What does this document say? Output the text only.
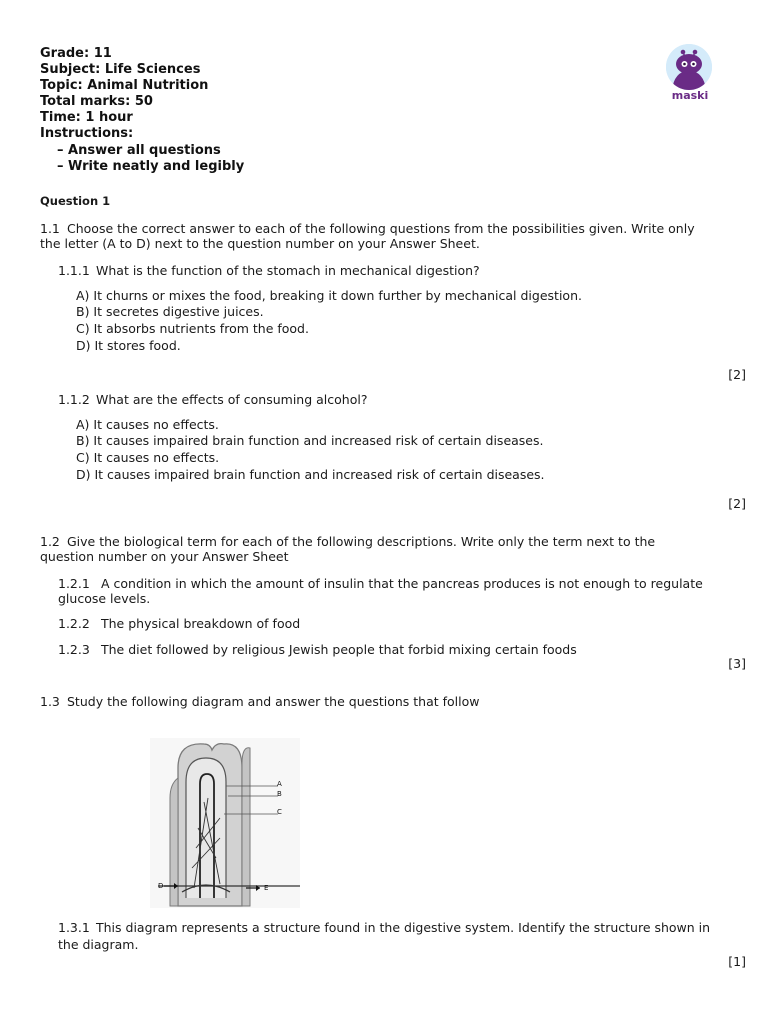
maski
Grade: 11
Subject: Life Sciences
Topic: Animal Nutrition
Total marks: 50
Time: 1 hour
Instructions:
– Answer all questions
– Write neatly and legibly
Question 1
1.1 Choose the correct answer to each of the following questions from the possibilities given. Write only
the letter (A to D) next to the question number on your Answer Sheet.
1.1.1 What is the function of the stomach in mechanical digestion?
A) It churns or mixes the food, breaking it down further by mechanical digestion.
B) It secretes digestive juices.
C) It absorbs nutrients from the food.
D) It stores food.
[2]
1.1.2 What are the effects of consuming alcohol?
A) It causes no effects.
B) It causes impaired brain function and increased risk of certain diseases.
C) It causes no effects.
D) It causes impaired brain function and increased risk of certain diseases.
[2]
1.2 Give the biological term for each of the following descriptions. Write only the term next to the
question number on your Answer Sheet
1.2.1 A condition in which the amount of insulin that the pancreas produces is not enough to regulate
glucose levels.
1.2.2 The physical breakdown of food
1.2.3 The diet followed by religious Jewish people that forbid mixing certain foods
[3]
1.3 Study the following diagram and answer the questions that follow
A
B
C
D	E
1.3.1 This diagram represents a structure found in the digestive system. Identify the structure shown in
the diagram.
[1]
